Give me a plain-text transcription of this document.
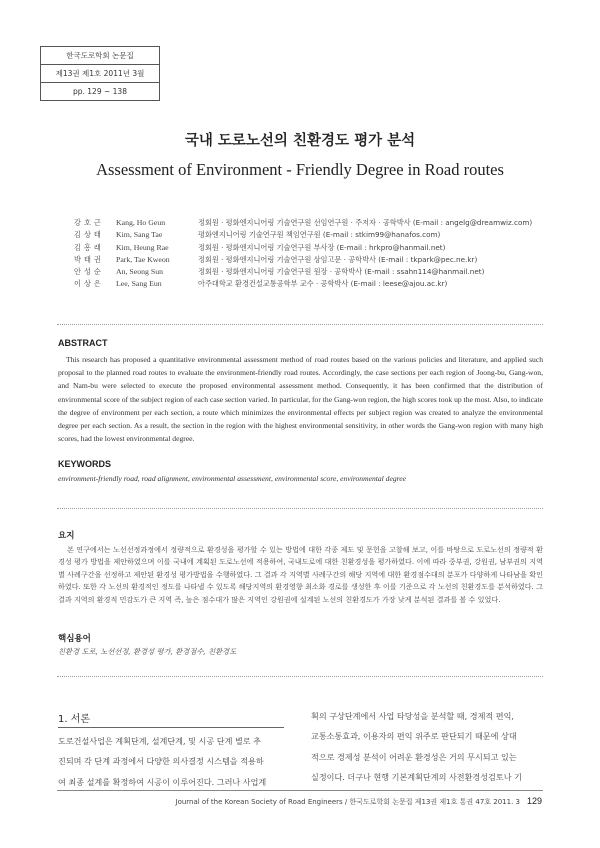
한국도로학회 논문집
제13권 제1호 2011년 3월
pp. 129 ~ 138
국내 도로노선의 친환경도 평가 분석
Assessment of Environment - Friendly Degree in Road routes
강호근 Kang, Ho Geun	정회원 · 평화엔지니어링 기술연구원 선임연구원 · 주저자 · 공학박사 (E-mail : angelg@dreamwiz.com)
김상태 Kim, Sang Tae	평화엔지니어링 기술연구원 책임연구원 (E-mail : stkim99@hanafos.com)
김흥래 Kim, Heung Rae	정회원 · 평화엔지니어링 기술연구원 부사장 (E-mail : hrkpro@hanmail.net)
박태권 Park, Tae Kweon	정회원 · 평화엔지니어링 기술연구원 상임고문 · 공학박사 (E-mail : tkpark@pec.ne.kr)
안성순 An, Seong Sun	정회원 · 평화엔지니어링 기술연구원 원장 · 공학박사 (E-mail : ssahn114@hanmail.net)
이상은 Lee, Sang Eun	아주대학교 환경건설교통공학부 교수 · 공학박사 (E-mail : leese@ajou.ac.kr)
ABSTRACT
This research has proposed a quantitative environmental assessment method of road routes based on the various policies and literature, and applied such proposal to the planned road routes to evaluate the environment-friendly road routes. Accordingly, the case sections per each region of Joong-bu, Gang-won, and Nam-bu were selected to execute the proposed environmental assessment method. Consequently, it has been confirmed that the distribution of environmental score of the subject region of each case section varied. In particular, for the Gang-won region, the high scores took up the most. Also, to indicate the degree of environment per each section, a route which minimizes the environmental effects per subject region was created to analyze the environmental degree per each section. As a result, the section in the region with the highest environmental sensitivity, in other words the Gang-won region with many high scores, had the lowest environmental degree.
KEYWORDS
environment-friendly road, road alignment, environmental assessment, environmental score, environmental degree
요지
본 연구에서는 노선선정과정에서 정량적으로 환경성을 평가할 수 있는 방법에 대한 각종 제도 및 문헌을 고찰해 보고, 이를 바탕으로 도로노선의 정량적 환경성 평가 방법을 제안하였으며 이를 국내에 계획된 도로노선에 적용하여, 국내도로에 대한 친환경성을 평가하였다. 이에 따라 중부권, 강원권, 남부권의 지역별 사례구간을 선정하고 제안된 환경성 평가방법을 수행하였다. 그 결과 각 지역별 사례구간의 해당 지역에 대한 환경점수대의 분포가 다양하게 나타남을 확인하였다. 또한 각 노선의 환경적인 정도를 나타낼 수 있도록 해당지역의 환경영향 최소화 경로를 생성한 후 이를 기준으로 각 노선의 친환경도를 분석하였다. 그 결과 지역의 환경적 민감도가 큰 지역 즉, 높은 점수대가 많은 지역인 강원권에 설계된 노선의 친환경도가 가장 낮게 분석된 결과를 볼 수 있었다.
핵심용어
친환경 도로, 노선선정, 환경성 평가, 환경점수, 친환경도
1. 서론
도로건설사업은 계획단계, 설계단계, 및 시공 단계 별로 추
진되며 각 단계 과정에서 다양한 의사결정 시스템을 적용하
여 최종 설계를 확정하여 시공이 이루어진다. 그러나 사업계
획의 구상단계에서 사업 타당성을 분석할 때, 경제적 편익,
교통소통효과, 이용자의 편익 위주로 판단되기 때문에 상대
적으로 경제성 분석이 어려운 환경성은 거의 무시되고 있는
실정이다. 더구나 현행 기본계획단계의 사전환경성검토나 기
Journal of the Korean Society of Road Engineers / 한국도로학회 논문집 제13권 제1호 통권 47호 2011. 3 129
